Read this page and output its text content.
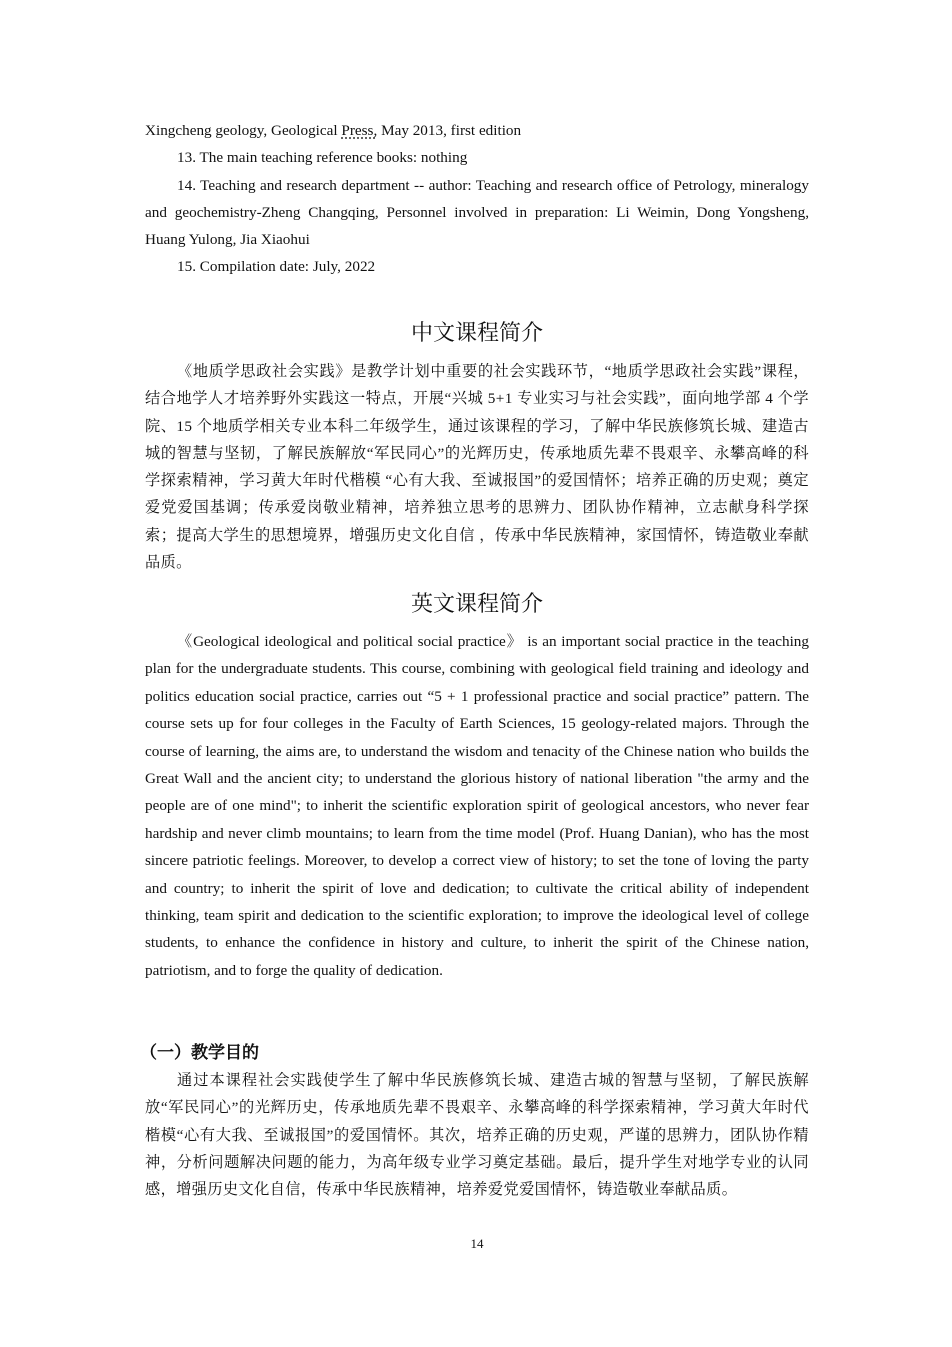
Xingcheng geology, Geological Press, May 2013, first edition
13. The main teaching reference books: nothing
14. Teaching and research department -- author: Teaching and research office of Petrology, mineralogy and geochemistry-Zheng Changqing, Personnel involved in preparation: Li Weimin, Dong Yongsheng, Huang Yulong, Jia Xiaohui
15. Compilation date: July, 2022
中文课程简介
《地质学思政社会实践》是教学计划中重要的社会实践环节，“地质学思政社会实践”课程，结合地学人才培养野外实践这一特点，开展“兴城 5+1 专业实习与社会实践”，面向地学部 4 个学院、15 个地质学相关专业本科二年级学生，通过该课程的学习，了解中华民族修筑长城、建造古城的智慧与坚韧，了解民族解放“军民同心”的光辉历史，传承地质先辈不畏艰辛、永攀高峰的科学探索精神，学习黄大年时代楷模 “心有大我、至诚报国”的爱国情怀；培养正确的历史观；奠定爱党爱国基调；传承爱岗敬业精神，培养独立思考的思辨力、团队协作精神，立志献身科学探索；提高大学生的思想境界，增强历史文化自信 ，传承中华民族精神，家国情怀，铸造敬业奉献品质。
英文课程简介
《Geological ideological and political social practice》 is an important social practice in the teaching plan for the undergraduate students. This course, combining with geological field training and ideology and politics education social practice, carries out “5 + 1 professional practice and social practice” pattern. The course sets up for four colleges in the Faculty of Earth Sciences, 15 geology-related majors. Through the course of learning, the aims are, to understand the wisdom and tenacity of the Chinese nation who builds the Great Wall and the ancient city; to understand the glorious history of national liberation "the army and the people are of one mind"; to inherit the scientific exploration spirit of geological ancestors, who never fear hardship and never climb mountains; to learn from the time model (Prof. Huang Danian), who has the most sincere patriotic feelings. Moreover, to develop a correct view of history; to set the tone of loving the party and country; to inherit the spirit of love and dedication; to cultivate the critical ability of independent thinking, team spirit and dedication to the scientific exploration; to improve the ideological level of college students, to enhance the confidence in history and culture, to inherit the spirit of the Chinese nation, patriotism, and to forge the quality of dedication.
（一）教学目的
通过本课程社会实践使学生了解中华民族修筑长城、建造古城的智慧与坚韧，了解民族解放“军民同心”的光辉历史，传承地质先辈不畏艰辛、永攀高峰的科学探索精神，学习黄大年时代楷模“心有大我、至诚报国”的爱国情怀。其次，培养正确的历史观，严谨的思辨力，团队协作精神，分析问题解决问题的能力，为高年级专业学习奠定基础。最后，提升学生对地学专业的认同感，增强历史文化自信，传承中华民族精神，培养爱党爱国情怀，铸造敬业奉献品质。
14
